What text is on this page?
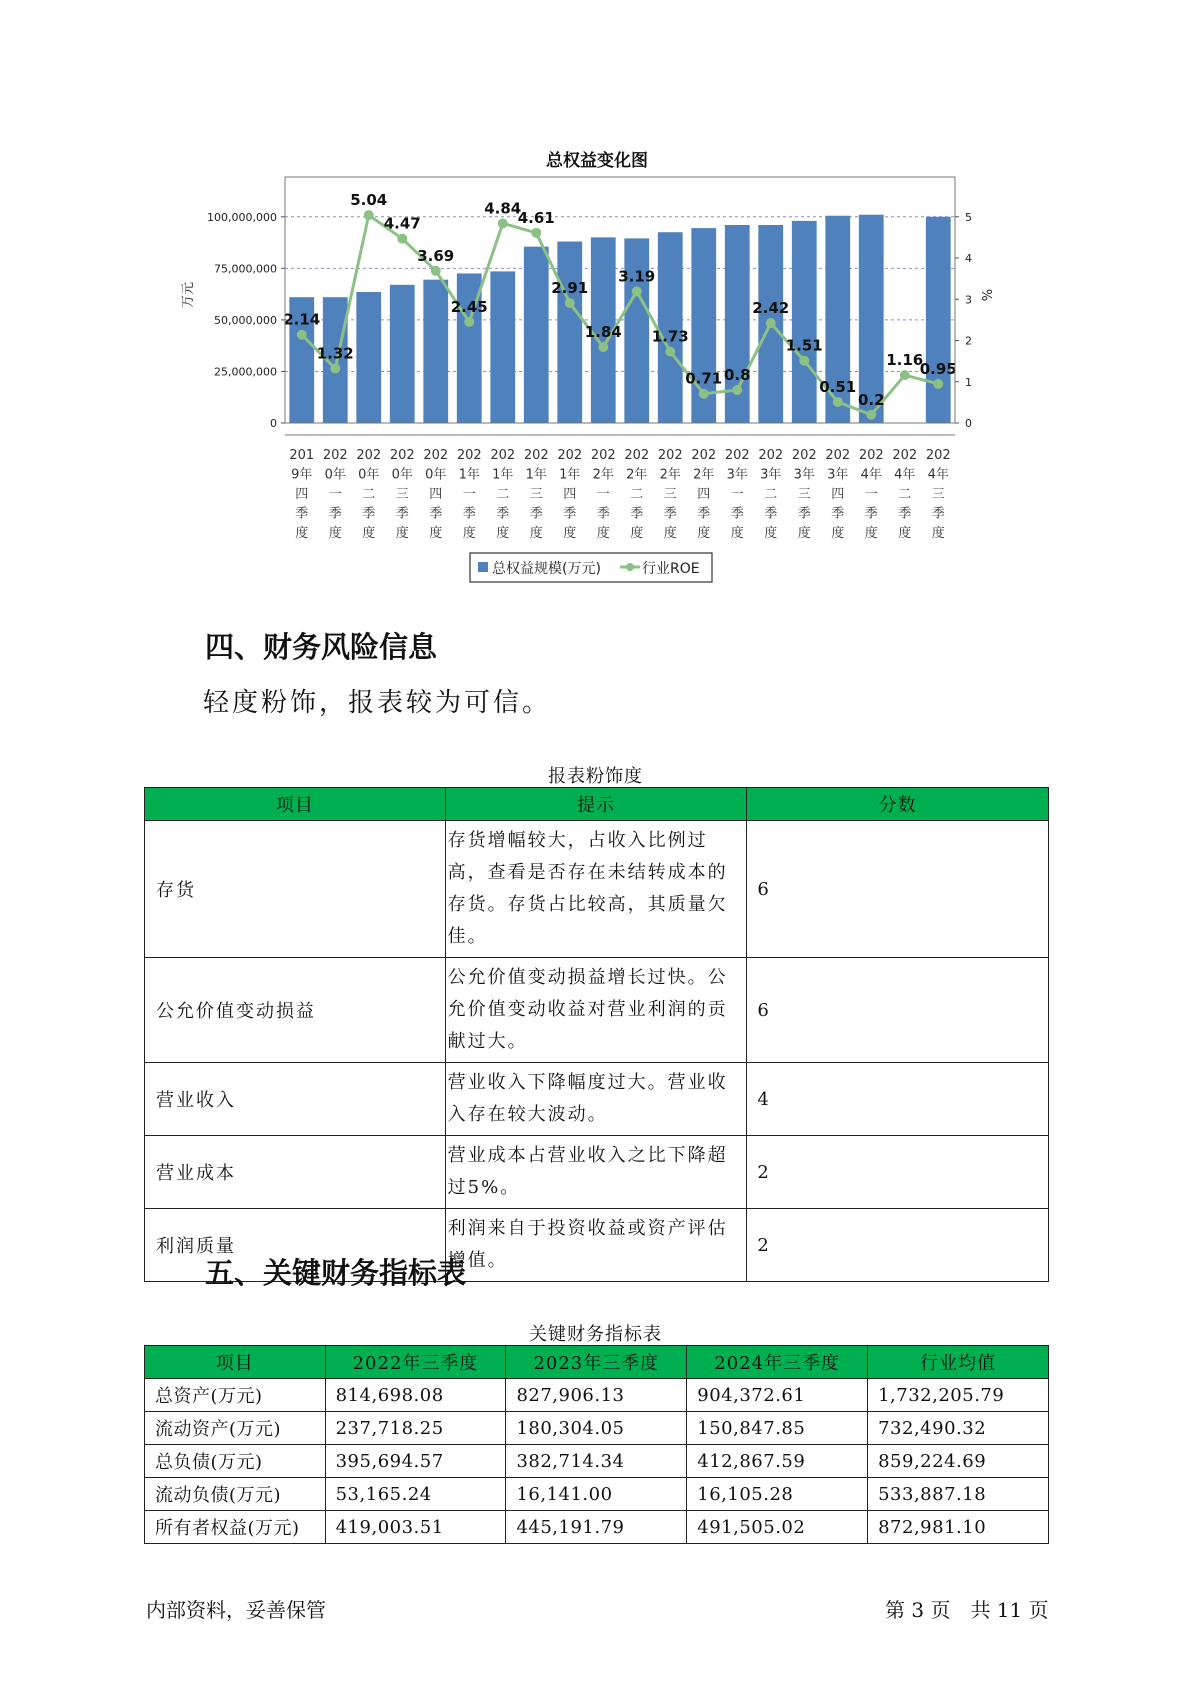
总权益变化图
2.14
1.32
5.04
4.47
3.69
2.45
4.84
4.61
2.91
1.84
3.19
1.73
0.71 0.8
2.42
1.51
0.51
0.2
1.16
0.95
0
25,000,000
50,000,000
75,000,000
100,000,000
0
1
2
3
4
5
201 9年四季度
202 0年一季度
202 0年二季度
202 0年三季度
202 0年四季度
202 1年一季度
202 1年二季度
202 1年三季度
202 1年四季度
202 2年一季度
202 2年二季度
202 2年三季度
202 2年四季度
202 3年一季度
202 3年二季度
202 3年三季度
202 3年四季度
202 4年一季度
202 4年二季度
202 4年三季度
万元	%
总权益规模(万元)	行业ROE
四、财务风险信息

轻度粉饰，报表较为可信。

报表粉饰度
项目	提示	分数
存货	存货增幅较大，占收入比例过高，查看是否存在未结转成本的存货。存货占比较高，其质量欠佳。	6
公允价值变动损益	公允价值变动损益增长过快。公允价值变动收益对营业利润的贡献过大。	6
营业收入	营业收入下降幅度过大。营业收入存在较大波动。	4
营业成本	营业成本占营业收入之比下降超过5%。	2
利润质量	利润来自于投资收益或资产评估增值。	2
五、关键财务指标表
关键财务指标表
项目	2022年三季度	2023年三季度	2024年三季度	行业均值
总资产(万元)	814,698.08	827,906.13	904,372.61	1,732,205.79
流动资产(万元)	237,718.25	180,304.05	150,847.85	732,490.32
总负债(万元)	395,694.57	382,714.34	412,867.59	859,224.69
流动负债(万元)	53,165.24	16,141.00	16,105.28	533,887.18
所有者权益(万元)	419,003.51	445,191.79	491,505.02	872,981.10
内部资料，妥善保管	第 3 页　共 11 页
